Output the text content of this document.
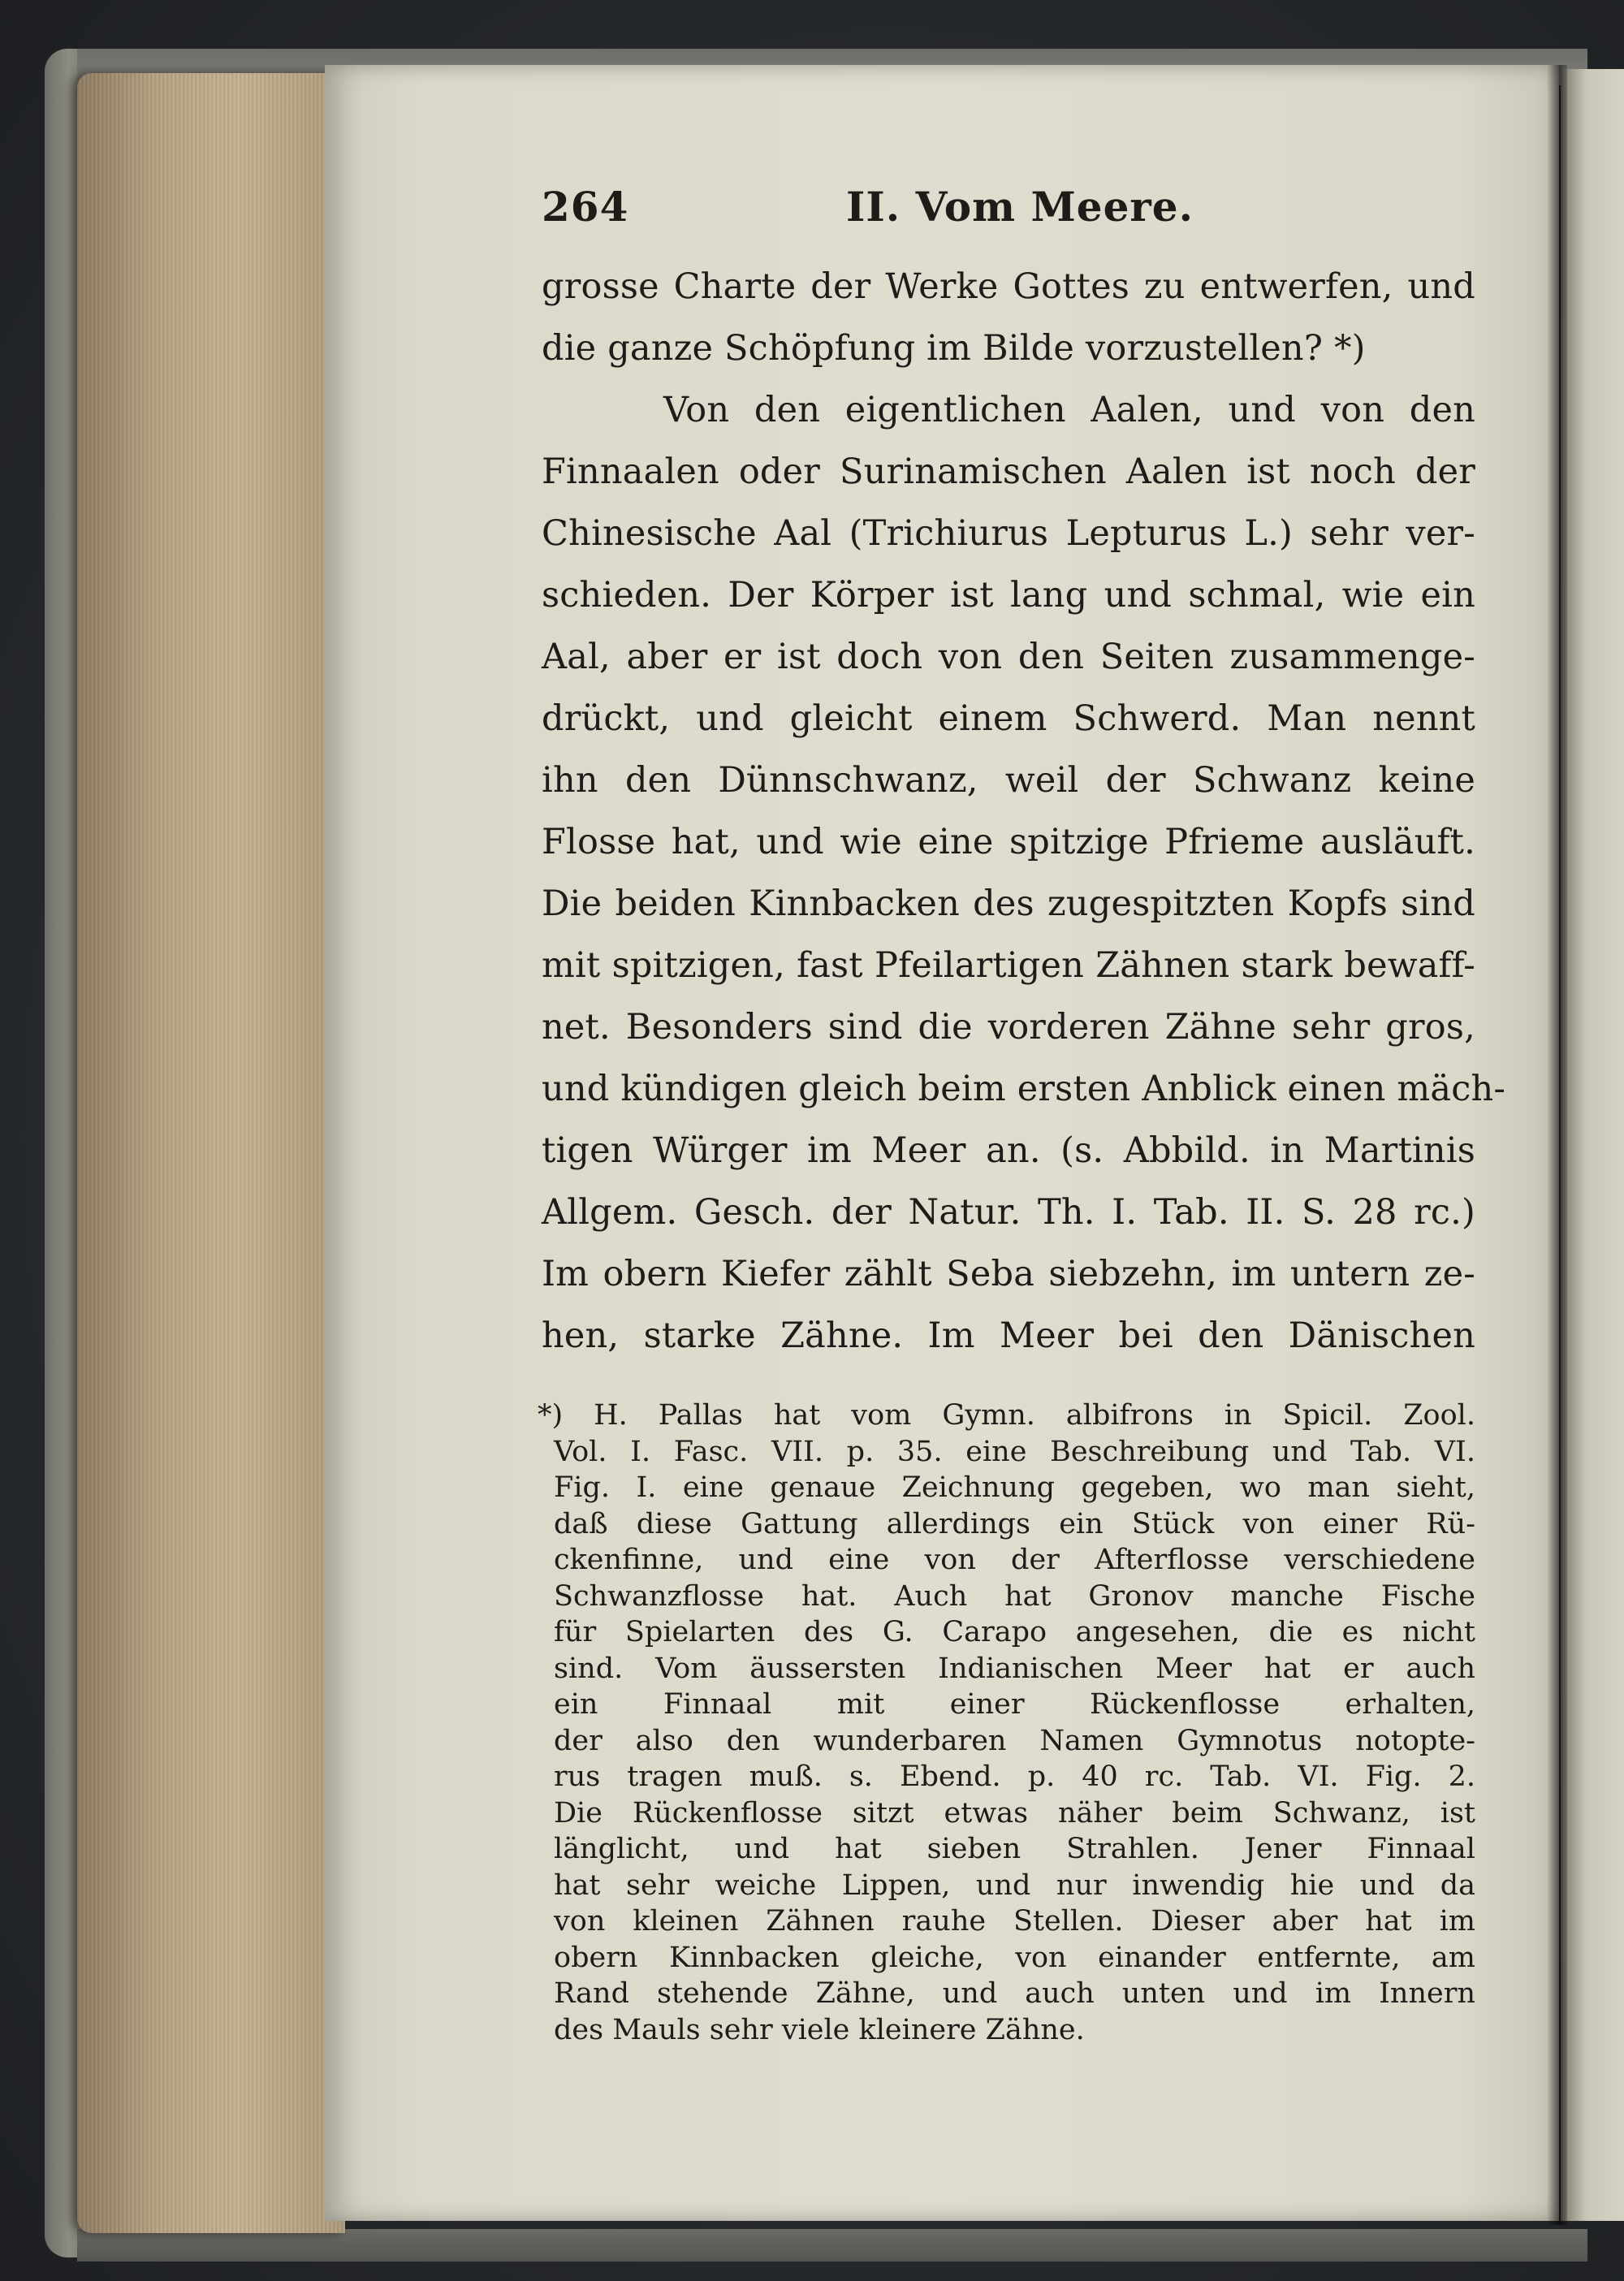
264	II. Vom Meere.
grosse Charte der Werke Gottes zu entwerfen, und
die ganze Schöpfung im Bilde vorzustellen? *)
Von den eigentlichen Aalen, und von den
Finnaalen oder Surinamischen Aalen ist noch der
Chinesische Aal (Trichiurus Lepturus L.) sehr ver-
schieden. Der Körper ist lang und schmal, wie ein
Aal, aber er ist doch von den Seiten zusammenge-
drückt, und gleicht einem Schwerd. Man nennt
ihn den Dünnschwanz, weil der Schwanz keine
Flosse hat, und wie eine spitzige Pfrieme ausläuft.
Die beiden Kinnbacken des zugespitzten Kopfs sind
mit spitzigen, fast Pfeilartigen Zähnen stark bewaff-
net. Besonders sind die vorderen Zähne sehr gros,
und kündigen gleich beim ersten Anblick einen mäch-
tigen Würger im Meer an. (s. Abbild. in Martinis
Allgem. Gesch. der Natur. Th. I. Tab. II. S. 28 rc.)
Im obern Kiefer zählt Seba siebzehn, im untern ze-
hen, starke Zähne. Im Meer bei den Dänischen
*) H. Pallas hat vom Gymn. albifrons in Spicil. Zool.
Vol. I. Fasc. VII. p. 35. eine Beschreibung und Tab. VI.
Fig. I. eine genaue Zeichnung gegeben, wo man sieht,
daß diese Gattung allerdings ein Stück von einer Rü-
ckenfinne, und eine von der Afterflosse verschiedene
Schwanzflosse hat. Auch hat Gronov manche Fische
für Spielarten des G. Carapo angesehen, die es nicht
sind. Vom äussersten Indianischen Meer hat er auch
ein Finnaal mit einer Rückenflosse erhalten,
der also den wunderbaren Namen Gymnotus notopte-
rus tragen muß. s. Ebend. p. 40 rc. Tab. VI. Fig. 2.
Die Rückenflosse sitzt etwas näher beim Schwanz, ist
länglicht, und hat sieben Strahlen. Jener Finnaal
hat sehr weiche Lippen, und nur inwendig hie und da
von kleinen Zähnen rauhe Stellen. Dieser aber hat im
obern Kinnbacken gleiche, von einander entfernte, am
Rand stehende Zähne, und auch unten und im Innern
des Mauls sehr viele kleinere Zähne.
